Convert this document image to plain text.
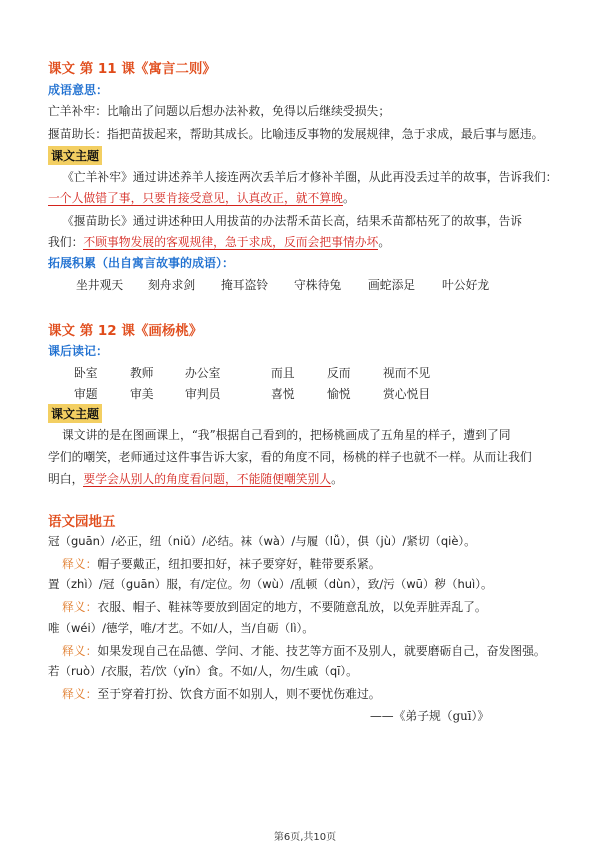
课文 第 11 课《寓言二则》
成语意思：
亡羊补牢：比喻出了问题以后想办法补救，免得以后继续受损失；
揠苗助长：指把苗拔起来，帮助其成长。比喻违反事物的发展规律，急于求成，最后事与愿违。
课文主题
《亡羊补牢》通过讲述养羊人接连两次丢羊后才修补羊圈，从此再没丢过羊的故事，告诉我们：
一个人做错了事，只要肯接受意见，认真改正，就不算晚。
《揠苗助长》通过讲述种田人用拔苗的办法帮禾苗长高，结果禾苗都枯死了的故事，告诉
我们：不顾事物发展的客观规律，急于求成，反而会把事情办坏。
拓展积累（出自寓言故事的成语）：
坐井观天 刻舟求剑 掩耳盗铃 守株待兔 画蛇添足 叶公好龙
课文 第 12 课《画杨桃》
课后读记：
卧室	教师	办公室	而且	反而	视而不见
审题	审美	审判员	喜悦	愉悦	赏心悦目
课文主题
课文讲的是在图画课上，“我”根据自己看到的，把杨桃画成了五角星的样子，遭到了同
学们的嘲笑，老师通过这件事告诉大家，看的角度不同，杨桃的样子也就不一样。从而让我们
明白，要学会从别人的角度看问题，不能随便嘲笑别人。
语文园地五
冠（guān）/必正，纽（niǔ）/必结。袜（wà）/与履（lǚ），俱（jù）/紧切（qiè）。
释义：帽子要戴正，纽扣要扣好，袜子要穿好，鞋带要系紧。
置（zhì）/冠（guān）服，有/定位。勿（wù）/乱顿（dùn），致/污（wū）秽（huì）。
释义：衣服、帽子、鞋袜等要放到固定的地方，不要随意乱放，以免弄脏弄乱了。
唯（wéi）/德学，唯/才艺。不如/人，当/自砺（lì）。
释义：如果发现自己在品德、学问、才能、技艺等方面不及别人，就要磨砺自己，奋发图强。
若（ruò）/衣服，若/饮（yǐn）食。不如/人，勿/生戚（qī）。
释义：至于穿着打扮、饮食方面不如别人，则不要忧伤难过。
——《弟子规（guī）》
第6页,共10页
